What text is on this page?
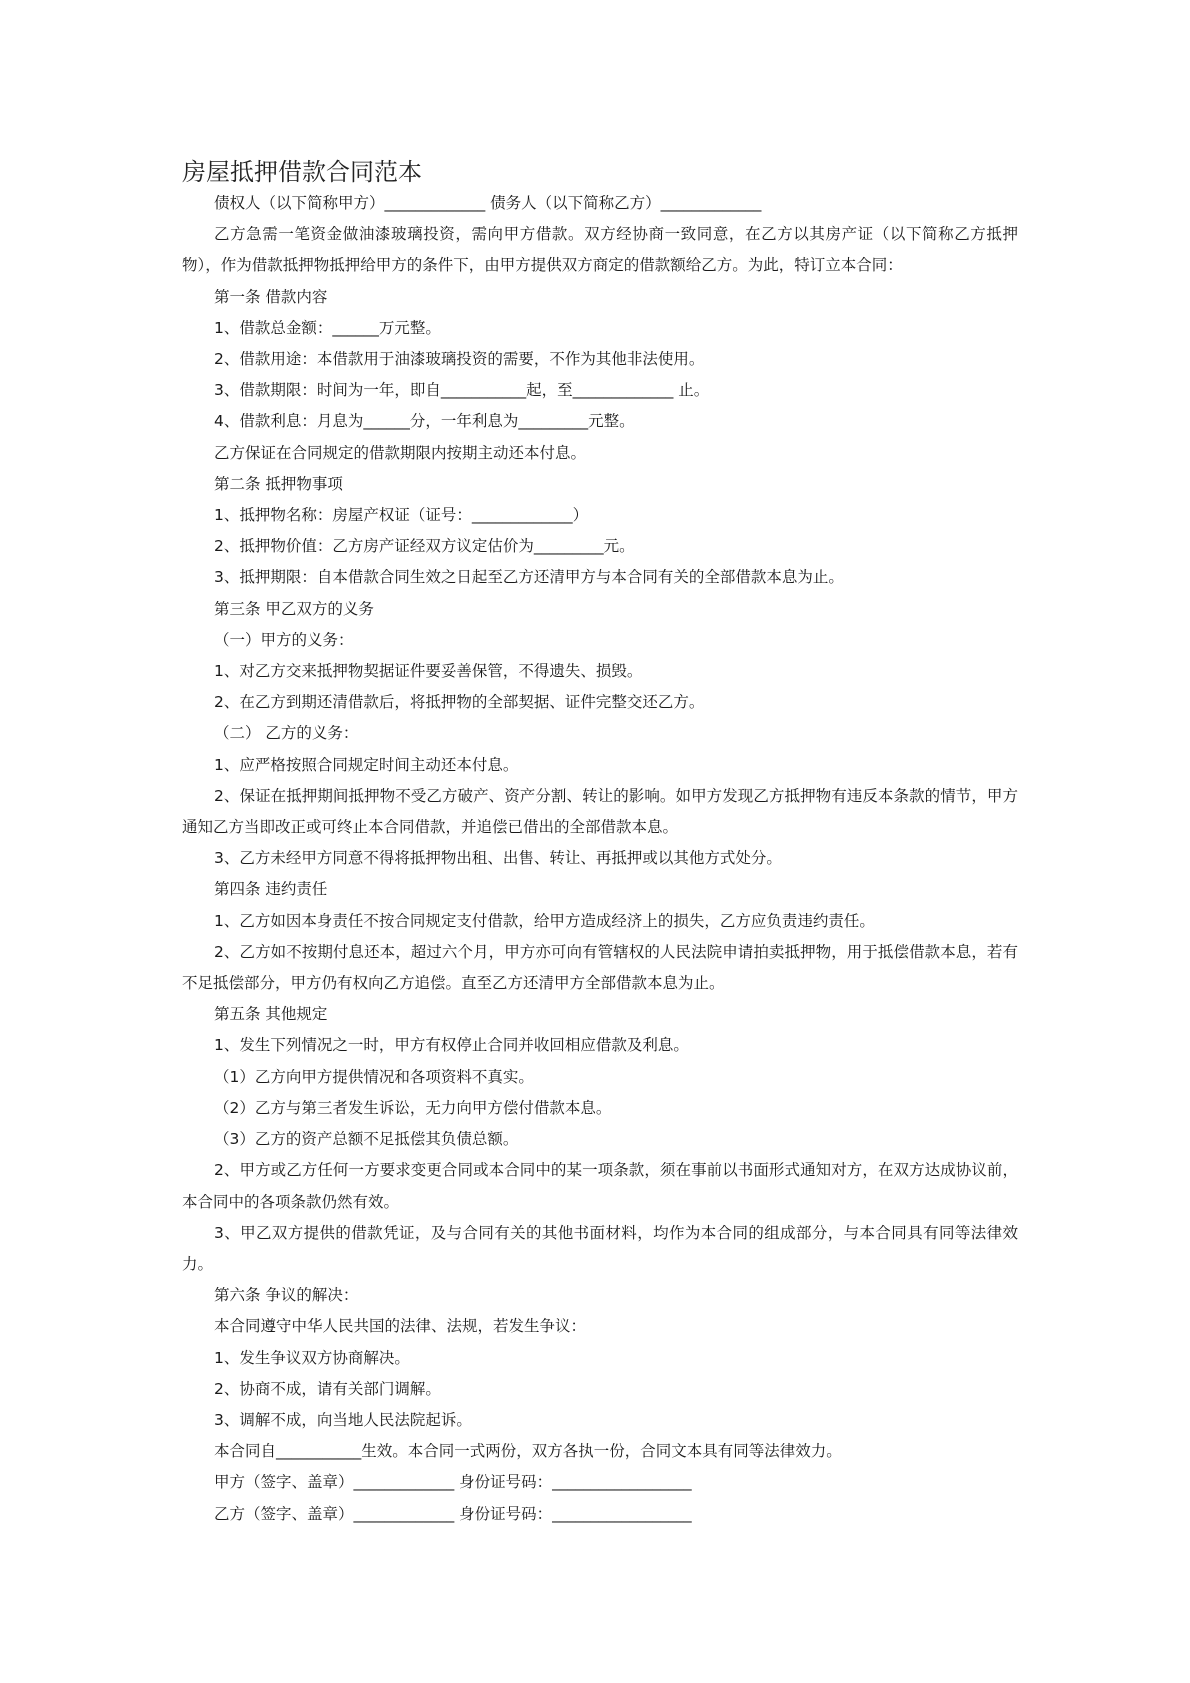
房屋抵押借款合同范本

债权人（以下简称甲方）_____________ 债务人（以下简称乙方）_____________

乙方急需一笔资金做油漆玻璃投资，需向甲方借款。双方经协商一致同意，在乙方以其房产证（以下简称乙方抵押物），作为借款抵押物抵押给甲方的条件下，由甲方提供双方商定的借款额给乙方。为此，特订立本合同：

第一条 借款内容

1、借款总金额：______万元整。

2、借款用途：本借款用于油漆玻璃投资的需要，不作为其他非法使用。

3、借款期限：时间为一年，即自___________起，至_____________ 止。

4、借款利息：月息为______分，一年利息为_________元整。

乙方保证在合同规定的借款期限内按期主动还本付息。

第二条 抵押物事项

1、抵押物名称：房屋产权证（证号：_____________）

2、抵押物价值：乙方房产证经双方议定估价为_________元。

3、抵押期限：自本借款合同生效之日起至乙方还清甲方与本合同有关的全部借款本息为止。

第三条 甲乙双方的义务

（一）甲方的义务：

1、对乙方交来抵押物契据证件要妥善保管，不得遗失、损毁。

2、在乙方到期还清借款后，将抵押物的全部契据、证件完整交还乙方。

（二） 乙方的义务：

1、应严格按照合同规定时间主动还本付息。

2、保证在抵押期间抵押物不受乙方破产、资产分割、转让的影响。如甲方发现乙方抵押物有违反本条款的情节，甲方通知乙方当即改正或可终止本合同借款，并追偿已借出的全部借款本息。

3、乙方未经甲方同意不得将抵押物出租、出售、转让、再抵押或以其他方式处分。

第四条 违约责任

1、乙方如因本身责任不按合同规定支付借款，给甲方造成经济上的损失，乙方应负责违约责任。

2、乙方如不按期付息还本，超过六个月，甲方亦可向有管辖权的人民法院申请拍卖抵押物，用于抵偿借款本息，若有不足抵偿部分，甲方仍有权向乙方追偿。直至乙方还清甲方全部借款本息为止。

第五条 其他规定

1、发生下列情况之一时，甲方有权停止合同并收回相应借款及利息。

（1）乙方向甲方提供情况和各项资料不真实。

（2）乙方与第三者发生诉讼，无力向甲方偿付借款本息。

（3）乙方的资产总额不足抵偿其负债总额。

2、甲方或乙方任何一方要求变更合同或本合同中的某一项条款，须在事前以书面形式通知对方，在双方达成协议前，本合同中的各项条款仍然有效。

3、甲乙双方提供的借款凭证，及与合同有关的其他书面材料，均作为本合同的组成部分，与本合同具有同等法律效力。

第六条 争议的解决：

本合同遵守中华人民共国的法律、法规，若发生争议：

1、发生争议双方协商解决。

2、协商不成，请有关部门调解。

3、调解不成，向当地人民法院起诉。

本合同自___________生效。本合同一式两份，双方各执一份，合同文本具有同等法律效力。

甲方（签字、盖章）_____________ 身份证号码：__________________

乙方（签字、盖章）_____________ 身份证号码：__________________
